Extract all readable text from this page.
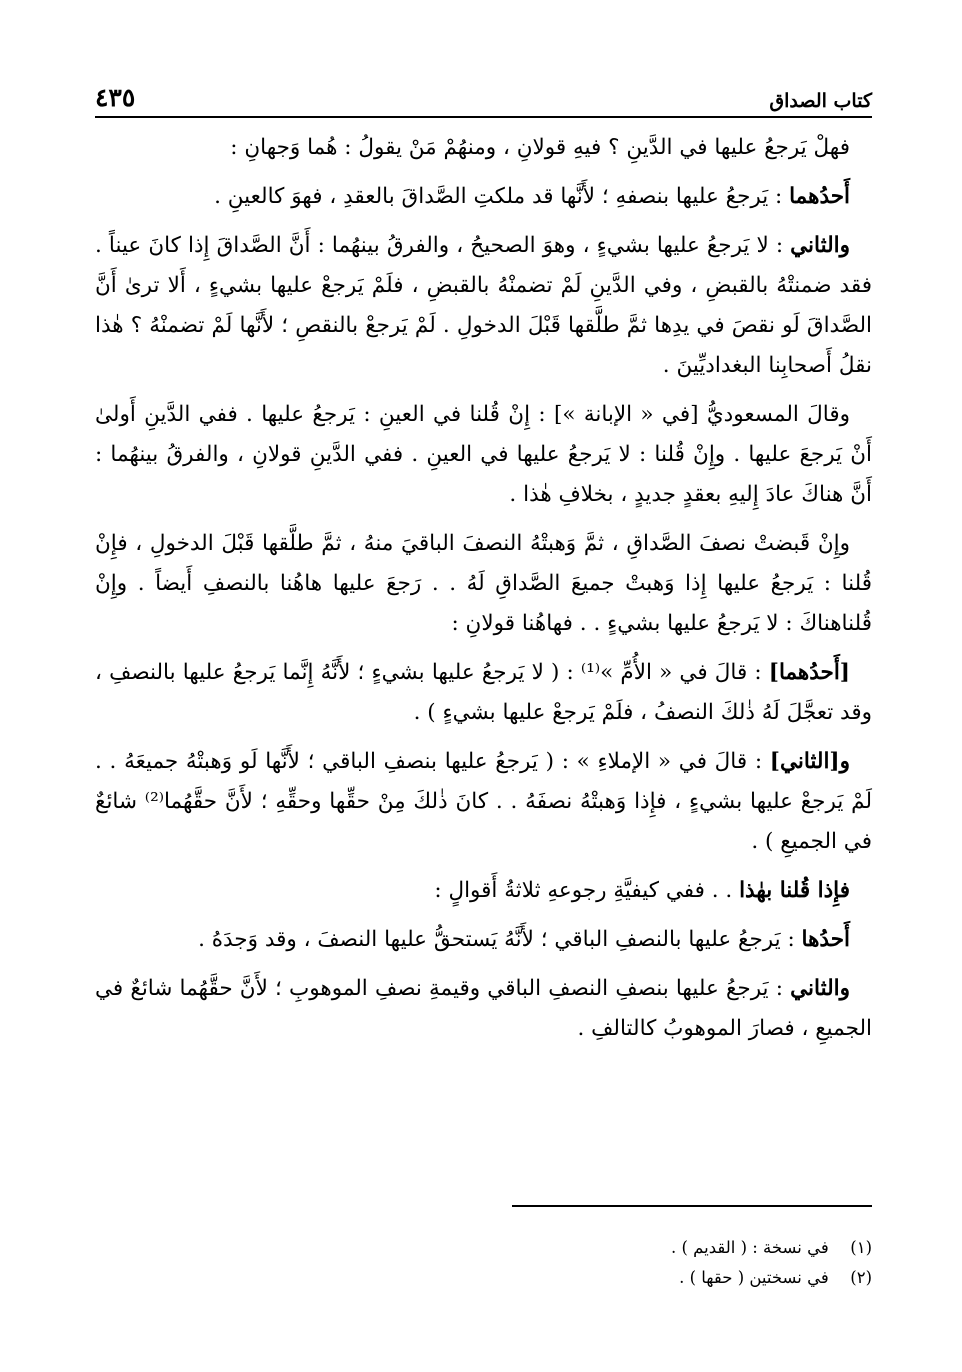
٤٣٥	كتاب الصداق

فهلْ يَرجعُ عليها في الدَّينِ ؟ فيهِ قولانِ ، ومنهُمْ مَنْ يقولُ : هُما وَجهانِ :

أَحدُهما : يَرجعُ عليها بنصفهِ ؛ لأَنَّها قد ملكتِ الصَّداقَ بالعقدِ ، فهوَ كالعينِ .

والثاني : لا يَرجعُ عليها بشيءٍ ، وهوَ الصحيحُ ، والفرقُ بينهُما : أَنَّ الصَّداقَ إِذا كانَ عيناً . فقد ضمنتْهُ بالقبضِ ، وفي الدَّينِ لَمْ تضمنْهُ بالقبضِ ، فلَمْ يَرجعْ عليها بشيءٍ ، أَلا ترىٰ أَنَّ الصَّداقَ لَو نقصَ في يدِها ثمَّ طلَّقها قَبْلَ الدخولِ . لَمْ يَرجعْ بالنقصِ ؛ لأَنَّها لَمْ تضمنْهُ ؟ هٰذا نقلُ أَصحابِنا البغداديِّينَ .

وقالَ المسعوديُّ [في « الإبانة »] : إِنْ قُلنا في العينِ : يَرجعُ عليها . ففي الدَّينِ أَولىٰ أَنْ يَرجعَ عليها . وإِنْ قُلنا : لا يَرجعُ عليها في العينِ . ففي الدَّينِ قولانِ ، والفرقُ بينهُما : أَنَّ هناكَ عادَ إِليهِ بعقدٍ جديدٍ ، بخلافِ هٰذا .

وإِنْ قَبضتْ نصفَ الصَّداقِ ، ثمَّ وَهبتْهُ النصفَ الباقيَ منهُ ، ثمَّ طلَّقها قَبْلَ الدخولِ ، فإِنْ قُلنا : يَرجعُ عليها إِذا وَهبتْ جميعَ الصَّداقِ لَهُ . . رَجعَ عليها هاهُنا بالنصفِ أَيضاً . وإِنْ قُلناهناكَ : لا يَرجعُ عليها بشيءٍ . . فهاهُنا قولانِ :

[أَحدُهما] : قالَ في « الأُمِّ »⁽¹⁾ : ( لا يَرجعُ عليها بشيءٍ ؛ لأَنَّهُ إِنَّما يَرجعُ عليها بالنصفِ ، وقد تعجَّلَ لَهُ ذٰلكَ النصفُ ، فلَمْ يَرجعْ عليها بشيءٍ ) .

و[الثاني] : قالَ في « الإملاءِ » : ( يَرجعُ عليها بنصفِ الباقي ؛ لأَنَّها لَو وَهبتْهُ جميعَهُ . . لَمْ يَرجعْ عليها بشيءٍ ، فإِذا وَهبتْهُ نصفَهُ . . كانَ ذٰلكَ مِنْ حقِّها وحقِّهِ ؛ لأَنَّ حقَّهُما⁽²⁾ شائعٌ في الجميعِ ) .

فإِذا قُلنا بهٰذا . . ففي كيفيَّةِ رجوعهِ ثلاثةُ أَقوالٍ :

أَحدُها : يَرجعُ عليها بالنصفِ الباقي ؛ لأَنَّهُ يَستحقُّ عليها النصفَ ، وقد وَجدَهُ .

والثاني : يَرجعُ عليها بنصفِ النصفِ الباقي وقيمةِ نصفِ الموهوبِ ؛ لأَنَّ حقَّهُما شائعٌ في الجميعِ ، فصارَ الموهوبُ كالتالفِ .

(١) في نسخة : ( القديم ) .

(٢) في نسختين ( حقها ) .
